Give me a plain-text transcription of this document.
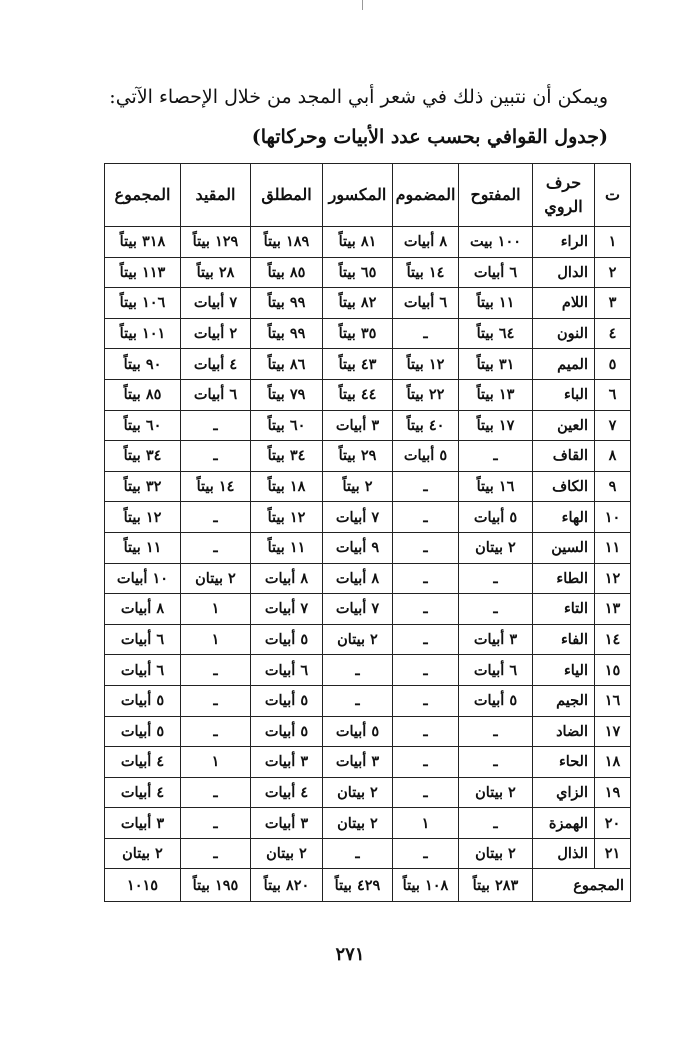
ويمكن أن نتبين ذلك في شعر أبي المجد من خلال الإحصاء الآتي:

(جدول القوافي بحسب عدد الأبيات وحركاتها)

ت	حرف الروي	المفتوح	المضموم	المكسور	المطلق	المقيد	المجموع
١	الراء	١٠٠ بيت	٨ أبيات	٨١ بيتاً	١٨٩ بيتاً	١٢٩ بيتاً	٣١٨ بيتاً
٢	الدال	٦ أبيات	١٤ بيتاً	٦٥ بيتاً	٨٥ بيتاً	٢٨ بيتاً	١١٣ بيتاً
٣	اللام	١١ بيتاً	٦ أبيات	٨٢ بيتاً	٩٩ بيتاً	٧ أبيات	١٠٦ بيتاً
٤	النون	٦٤ بيتاً	ـ	٣٥ بيتاً	٩٩ بيتاً	٢ أبيات	١٠١ بيتاً
٥	الميم	٣١ بيتاً	١٢ بيتاً	٤٣ بيتاً	٨٦ بيتاً	٤ أبيات	٩٠ بيتاً
٦	الباء	١٣ بيتاً	٢٢ بيتاً	٤٤ بيتاً	٧٩ بيتاً	٦ أبيات	٨٥ بيتاً
٧	العين	١٧ بيتاً	٤٠ بيتاً	٣ أبيات	٦٠ بيتاً	ـ	٦٠ بيتاً
٨	القاف	ـ	٥ أبيات	٢٩ بيتاً	٣٤ بيتاً	ـ	٣٤ بيتاً
٩	الكاف	١٦ بيتاً	ـ	٢ بيتاً	١٨ بيتاً	١٤ بيتاً	٣٢ بيتاً
١٠	الهاء	٥ أبيات	ـ	٧ أبيات	١٢ بيتاً	ـ	١٢ بيتاً
١١	السين	٢ بيتان	ـ	٩ أبيات	١١ بيتاً	ـ	١١ بيتاً
١٢	الطاء	ـ	ـ	٨ أبيات	٨ أبيات	٢ بيتان	١٠ أبيات
١٣	التاء	ـ	ـ	٧ أبيات	٧ أبيات	١	٨ أبيات
١٤	الفاء	٣ أبيات	ـ	٢ بيتان	٥ أبيات	١	٦ أبيات
١٥	الياء	٦ أبيات	ـ	ـ	٦ أبيات	ـ	٦ أبيات
١٦	الجيم	٥ أبيات	ـ	ـ	٥ أبيات	ـ	٥ أبيات
١٧	الضاد	ـ	ـ	٥ أبيات	٥ أبيات	ـ	٥ أبيات
١٨	الحاء	ـ	ـ	٣ أبيات	٣ أبيات	١	٤ أبيات
١٩	الزاي	٢ بيتان	ـ	٢ بيتان	٤ أبيات	ـ	٤ أبيات
٢٠	الهمزة	ـ	١	٢ بيتان	٣ أبيات	ـ	٣ أبيات
٢١	الذال	٢ بيتان	ـ	ـ	٢ بيتان	ـ	٢ بيتان
المجموع		٢٨٣ بيتاً	١٠٨ بيتاً	٤٢٩ بيتاً	٨٢٠ بيتاً	١٩٥ بيتاً	١٠١٥
٢٧١
